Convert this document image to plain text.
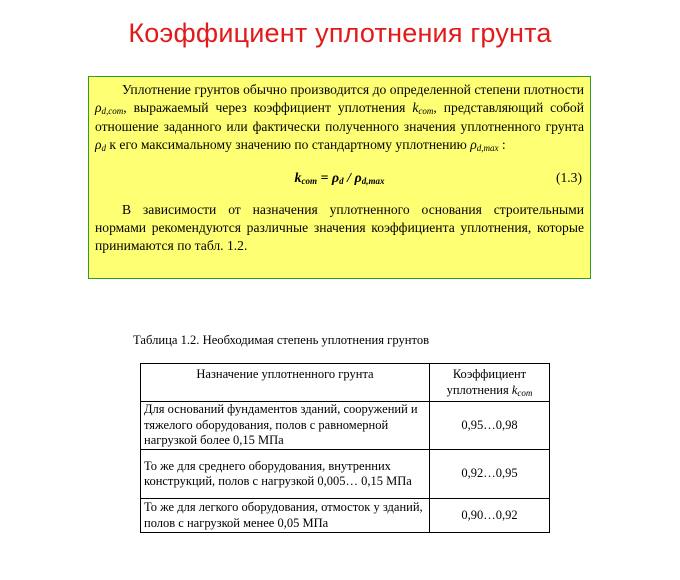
Коэффициент уплотнения грунта

Уплотнение грунтов обычно производится до определенной степени плотности $\rho_{d,com}$, выражаемый через коэффициент уплотнения $k_{com}$, представляющий собой отношение заданного или фактически полученного значения уплотненного грунта $\rho_d$ к его максимальному значению по стандартному уплотнению $\rho_{d,max}$ :

$k_{com} = \rho_d / \rho_{d,max}$	(1.3)

В зависимости от назначения уплотненного основания строительными нормами рекомендуются различные значения коэффициента уплотнения, которые принимаются по табл. 1.2.

Таблица 1.2. Необходимая степень уплотнения грунтов

Назначение уплотненного грунта	Коэффициент
уплотнения $k_{com}$
Для оснований фундаментов зданий, сооружений и тяжелого оборудования, полов с равномерной нагрузкой более 0,15 МПа	0,95…0,98
То же для среднего оборудования, внутренних конструкций, полов с нагрузкой 0,005… 0,15 МПа	0,92…0,95
То же для легкого оборудования, отмосток у зданий, полов с нагрузкой менее 0,05 МПа	0,90…0,92
